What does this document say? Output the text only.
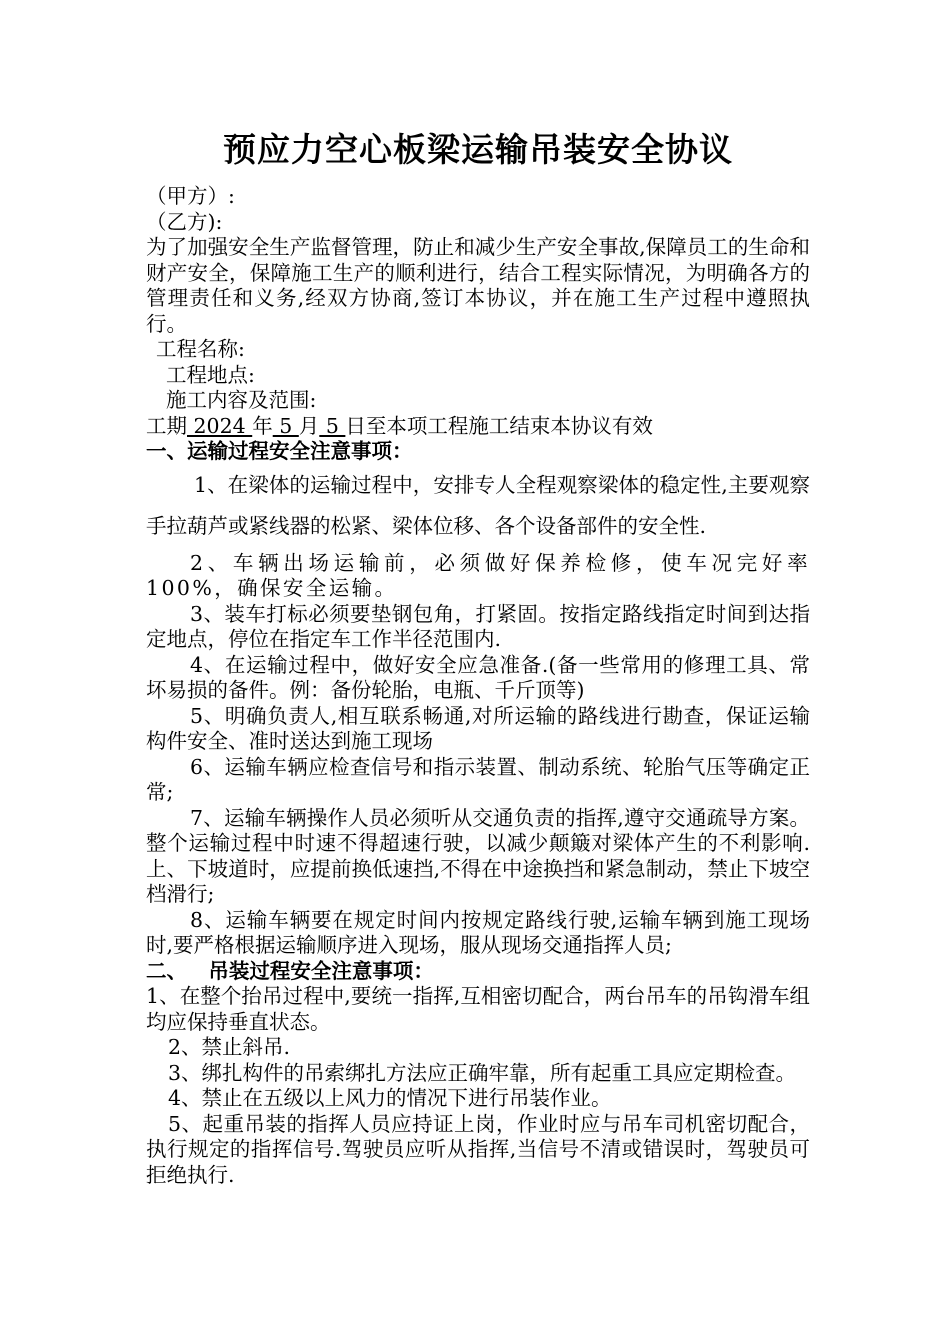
预应力空心板梁运输吊装安全协议
（甲方）:
（乙方):

为了加强安全生产监督管理，防止和减少生产安全事故,保障员工的生命和财产安全，保障施工生产的顺利进行，结合工程实际情况，为明确各方的管理责任和义务,经双方协商,签订本协议，并在施工生产过程中遵照执行。

工程名称:
工程地点:
施工内容及范围:
工期 2024 年 5 月 5 日至本项工程施工结束本协议有效
一、运输过程安全注意事项：

1、在梁体的运输过程中，安排专人全程观察梁体的稳定性,主要观察手拉葫芦或紧线器的松紧、梁体位移、各个设备部件的安全性.

2、车辆出场运输前，必须做好保养检修，使车况完好率100%，确保安全运输。

3、装车打标必须要垫钢包角，打紧固。按指定路线指定时间到达指定地点，停位在指定车工作半径范围内.

4、在运输过程中，做好安全应急准备.(备一些常用的修理工具、常坏易损的备件。例：备份轮胎，电瓶、千斤顶等)

5、明确负责人,相互联系畅通,对所运输的路线进行勘查，保证运输构件安全、准时送达到施工现场

6、运输车辆应检查信号和指示装置、制动系统、轮胎气压等确定正常;

7、运输车辆操作人员必须听从交通负责的指挥,遵守交通疏导方案。整个运输过程中时速不得超速行驶，以减少颠簸对梁体产生的不利影响.上、下坡道时，应提前换低速挡,不得在中途换挡和紧急制动，禁止下坡空档滑行;

8、运输车辆要在规定时间内按规定路线行驶,运输车辆到施工现场时,要严格根据运输顺序进入现场，服从现场交通指挥人员;

二、   吊装过程安全注意事项：

1、在整个抬吊过程中,要统一指挥,互相密切配合，两台吊车的吊钩滑车组均应保持垂直状态。

2、禁止斜吊.

3、绑扎构件的吊索绑扎方法应正确牢靠，所有起重工具应定期检查。

4、禁止在五级以上风力的情况下进行吊装作业。

5、起重吊装的指挥人员应持证上岗，作业时应与吊车司机密切配合，执行规定的指挥信号.驾驶员应听从指挥,当信号不清或错误时，驾驶员可拒绝执行.
